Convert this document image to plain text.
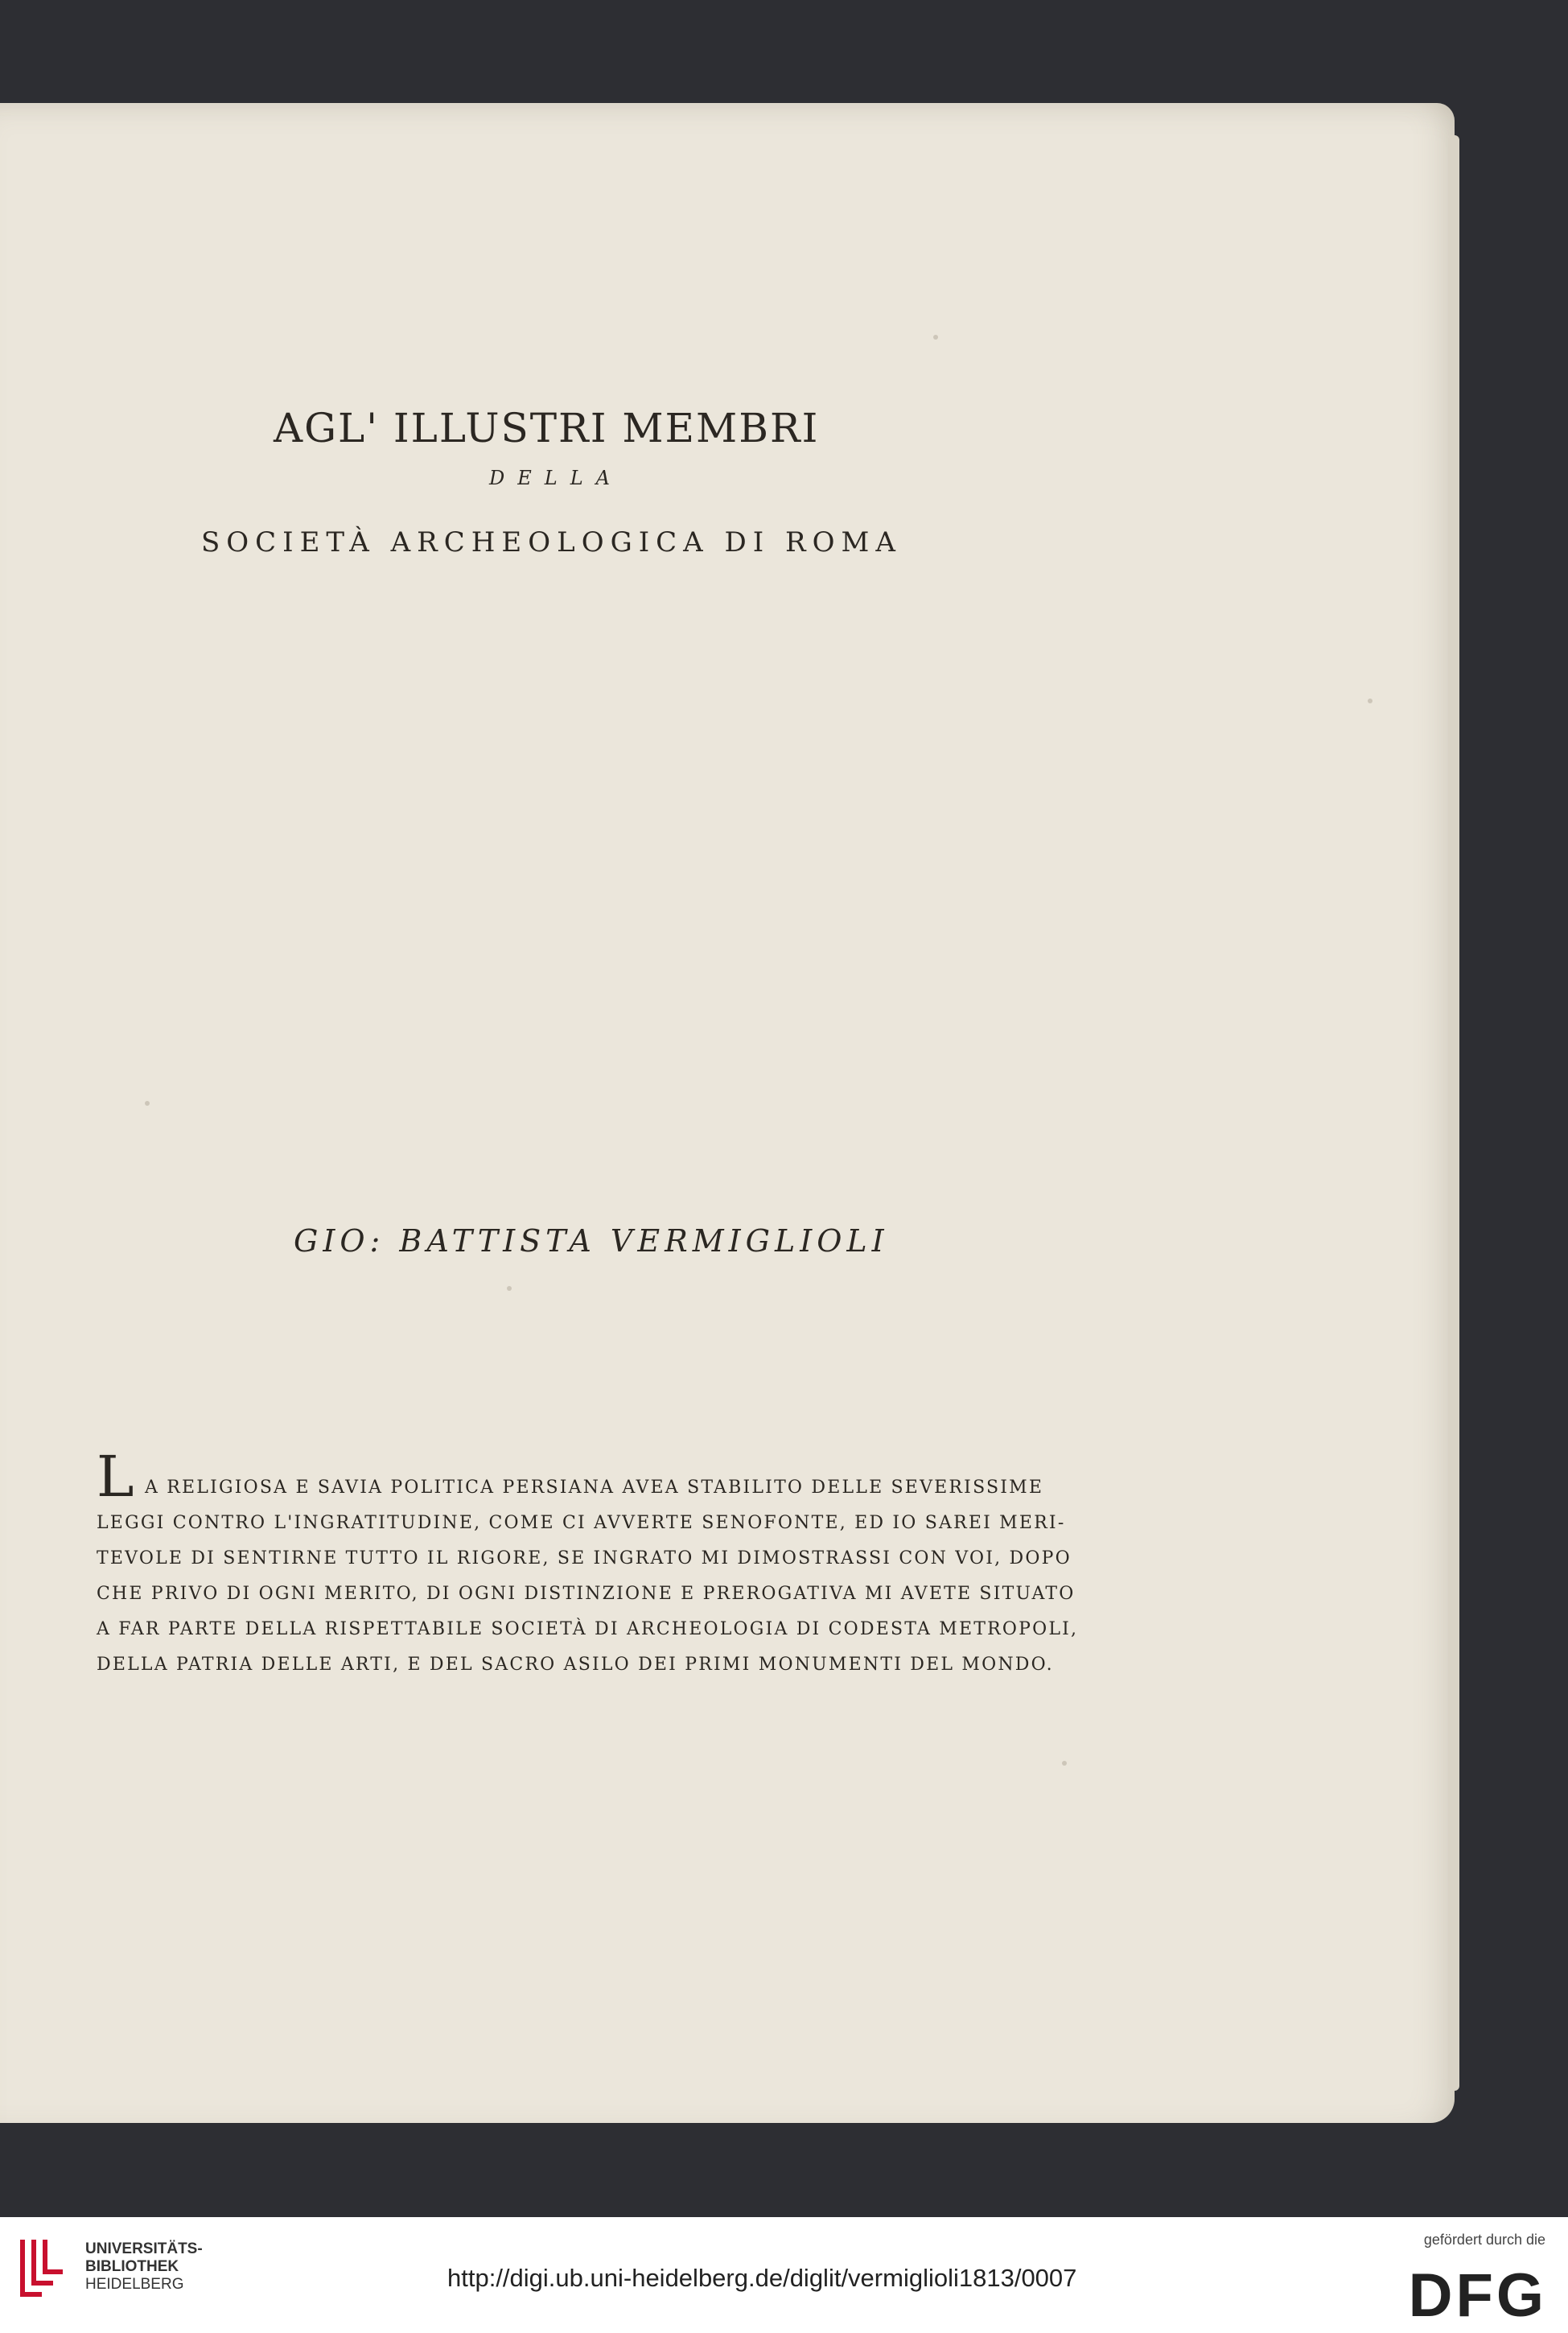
AGL' ILLUSTRI MEMBRI
DELLA
SOCIETÀ ARCHEOLOGICA DI ROMA
GIO: BATTISTA VERMIGLIOLI
L A RELIGIOSA E SAVIA POLITICA PERSIANA AVEA STABILITO DELLE SEVERISSIME
LEGGI CONTRO L'INGRATITUDINE, COME CI AVVERTE SENOFONTE, ED IO SAREI MERI-
TEVOLE DI SENTIRNE TUTTO IL RIGORE, SE INGRATO MI DIMOSTRASSI CON VOI, DOPO
CHE PRIVO DI OGNI MERITO, DI OGNI DISTINZIONE E PREROGATIVA MI AVETE SITUATO
A FAR PARTE DELLA RISPETTABILE SOCIETÀ DI ARCHEOLOGIA DI CODESTA METROPOLI,
DELLA PATRIA DELLE ARTI, E DEL SACRO ASILO DEI PRIMI MONUMENTI DEL MONDO.
UNIVERSITÄTS-
BIBLIOTHEK
HEIDELBERG	http://digi.ub.uni-heidelberg.de/diglit/vermiglioli1813/0007
gefördert durch die
DFG
